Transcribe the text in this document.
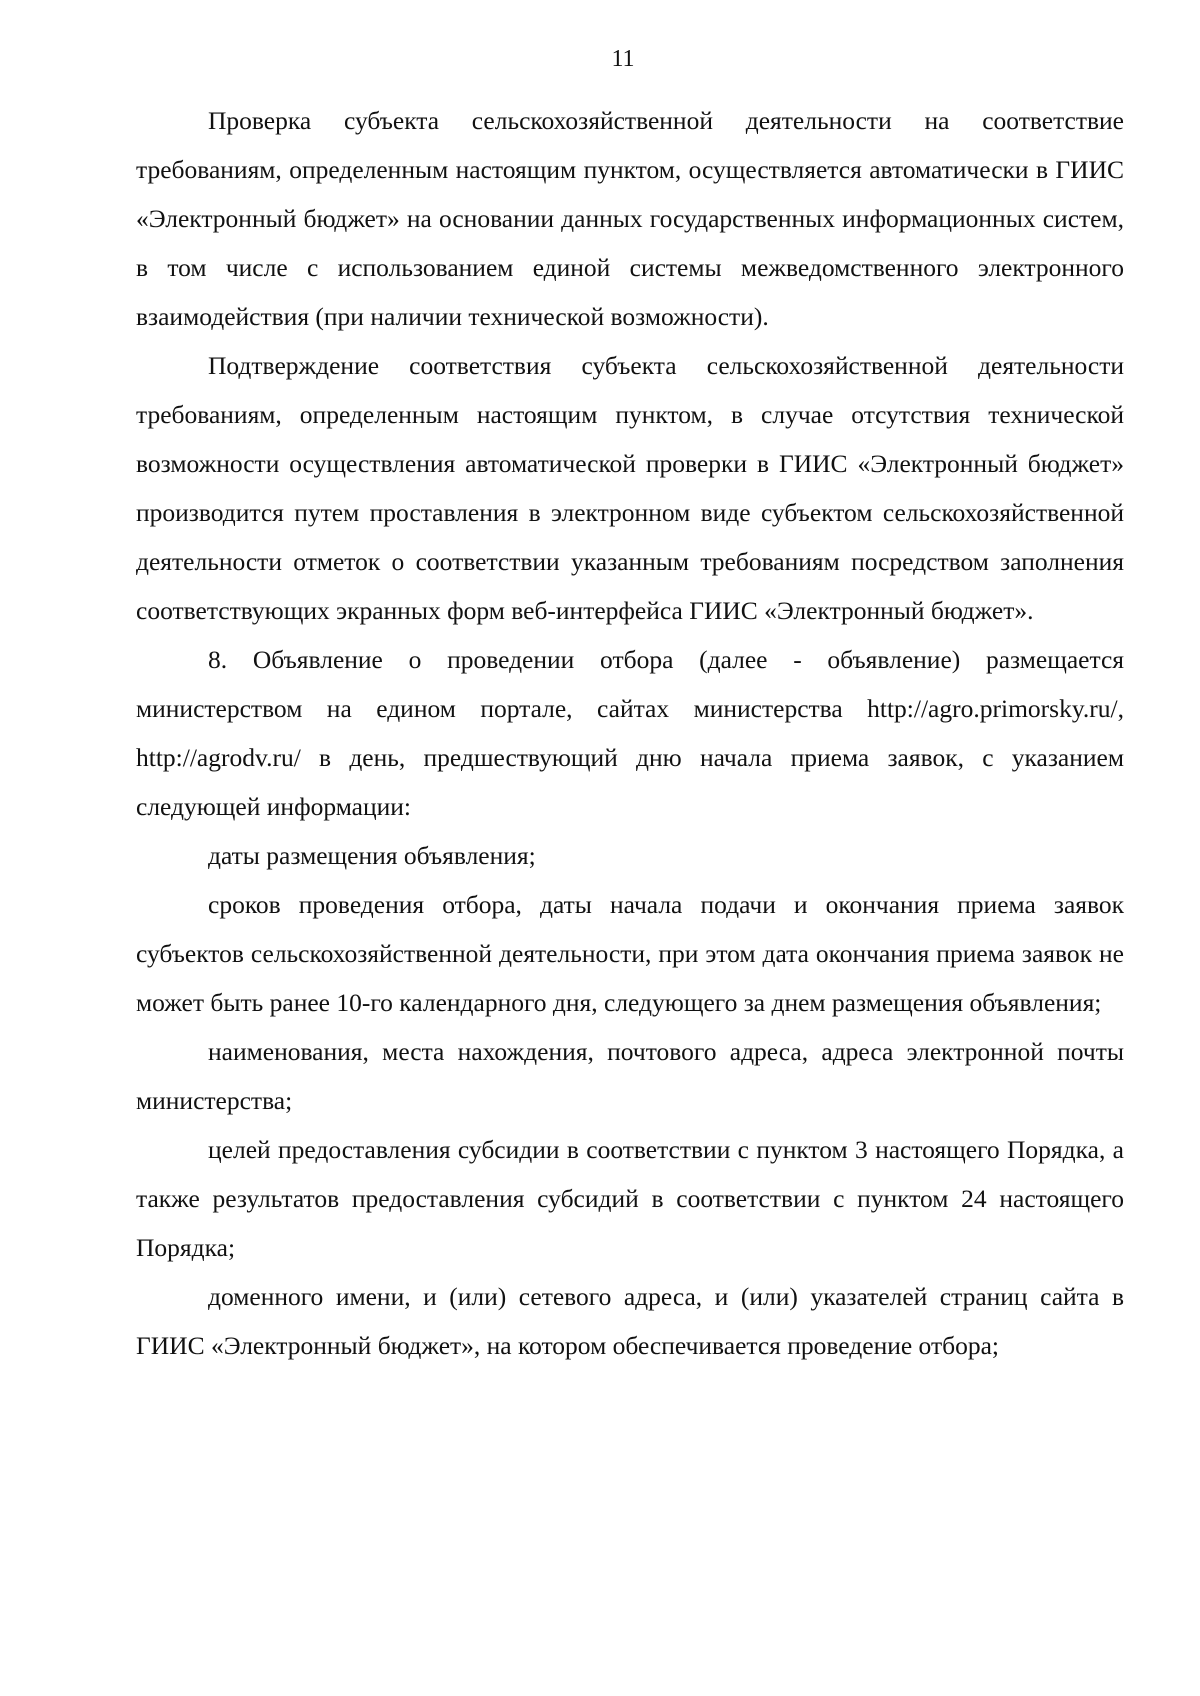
11

Проверка субъекта сельскохозяйственной деятельности на соответствие требованиям, определенным настоящим пунктом, осуществляется автоматически в ГИИС «Электронный бюджет» на основании данных государственных информационных систем, в том числе с использованием единой системы межведомственного электронного взаимодействия (при наличии технической возможности).

Подтверждение соответствия субъекта сельскохозяйственной деятельности требованиям, определенным настоящим пунктом, в случае отсутствия технической возможности осуществления автоматической проверки в ГИИС «Электронный бюджет» производится путем проставления в электронном виде субъектом сельскохозяйственной деятельности отметок о соответствии указанным требованиям посредством заполнения соответствующих экранных форм веб-интерфейса ГИИС «Электронный бюджет».

8. Объявление о проведении отбора (далее - объявление) размещается министерством на едином портале, сайтах министерства http://agro.primorsky.ru/, http://agrodv.ru/ в день, предшествующий дню начала приема заявок, с указанием следующей информации:

даты размещения объявления;

сроков проведения отбора, даты начала подачи и окончания приема заявок субъектов сельскохозяйственной деятельности, при этом дата окончания приема заявок не может быть ранее 10-го календарного дня, следующего за днем размещения объявления;

наименования, места нахождения, почтового адреса, адреса электронной почты министерства;

целей предоставления субсидии в соответствии с пунктом 3 настоящего Порядка, а также результатов предоставления субсидий в соответствии с пунктом 24 настоящего Порядка;

доменного имени, и (или) сетевого адреса, и (или) указателей страниц сайта в ГИИС «Электронный бюджет», на котором обеспечивается проведение отбора;
